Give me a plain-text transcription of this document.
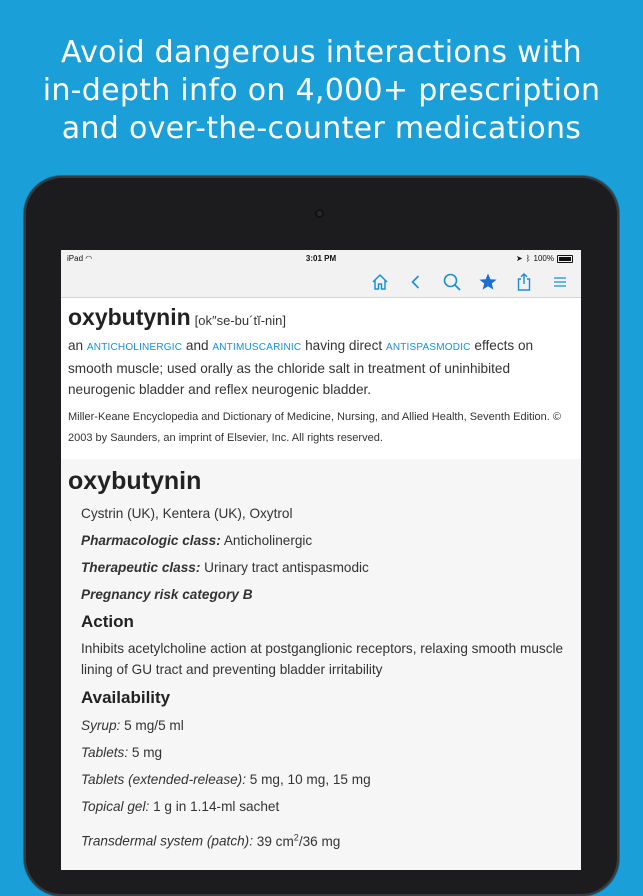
Avoid dangerous interactions with
in-depth info on 4,000+ prescription
and over-the-counter medications
iPad ◠	3:01 PM	➤ ᛒ 100%
oxybutynin [ok″se-bu´tĭ-nin]
an ANTICHOLINERGIC and ANTIMUSCARINIC having direct ANTISPASMODIC effects on smooth muscle; used orally as the chloride salt in treatment of uninhibited neurogenic bladder and reflex neurogenic bladder.
Miller-Keane Encyclopedia and Dictionary of Medicine, Nursing, and Allied Health, Seventh Edition. © 2003 by Saunders, an imprint of Elsevier, Inc. All rights reserved.
oxybutynin
Cystrin (UK), Kentera (UK), Oxytrol
Pharmacologic class: Anticholinergic
Therapeutic class: Urinary tract antispasmodic
Pregnancy risk category B
Action
Inhibits acetylcholine action at postganglionic receptors, relaxing smooth muscle lining of GU tract and preventing bladder irritability
Availability
Syrup: 5 mg/5 ml
Tablets: 5 mg
Tablets (extended-release): 5 mg, 10 mg, 15 mg
Topical gel: 1 g in 1.14-ml sachet
Transdermal system (patch): 39 $cm^2/36$ mg
